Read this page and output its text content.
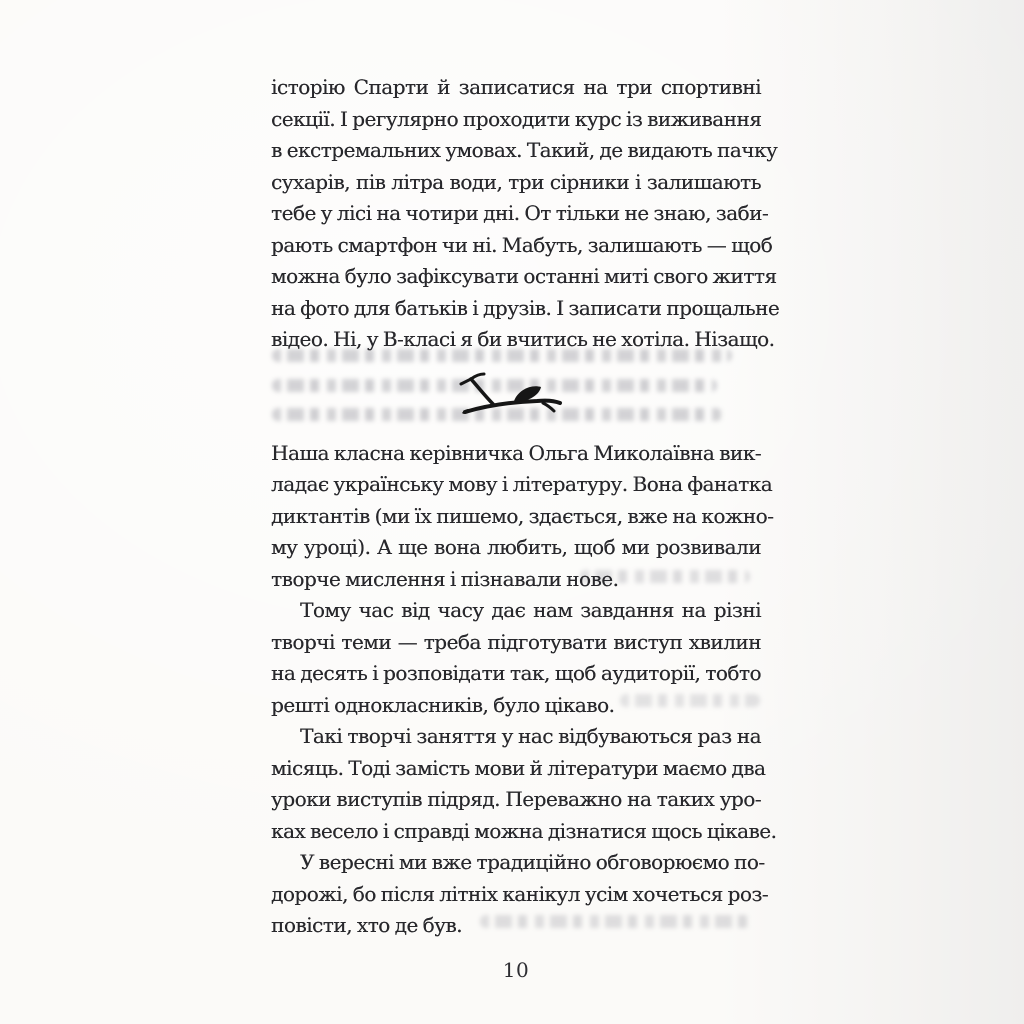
історію Спарти й записатися на три спортивні
секції. І регулярно проходити курс із виживання
в екстремальних умовах. Такий, де видають пачку
сухарів, пів літра води, три сірники і залишають
тебе у лісі на чотири дні. От тільки не знаю, заби-
рають смартфон чи ні. Мабуть, залишають — щоб
можна було зафіксувати останні миті свого життя
на фото для батьків і друзів. І записати прощальне
відео. Ні, у В-класі я би вчитись не хотіла. Нізащо.
Наша класна керівничка Ольга Миколаївна вик-
ладає українську мову і літературу. Вона фанатка
диктантів (ми їх пишемо, здається, вже на кожно-
му уроці). А ще вона любить, щоб ми розвивали
творче мислення і пізнавали нове.
Тому час від часу дає нам завдання на різні
творчі теми — треба підготувати виступ хвилин
на десять і розповідати так, щоб аудиторії, тобто
решті однокласників, було цікаво.
Такі творчі заняття у нас відбуваються раз на
місяць. Тоді замість мови й літератури маємо два
уроки виступів підряд. Переважно на таких уро-
ках весело і справді можна дізнатися щось цікаве.
У вересні ми вже традиційно обговорюємо по-
дорожі, бо після літніх канікул усім хочеться роз-
повісти, хто де був.
10
